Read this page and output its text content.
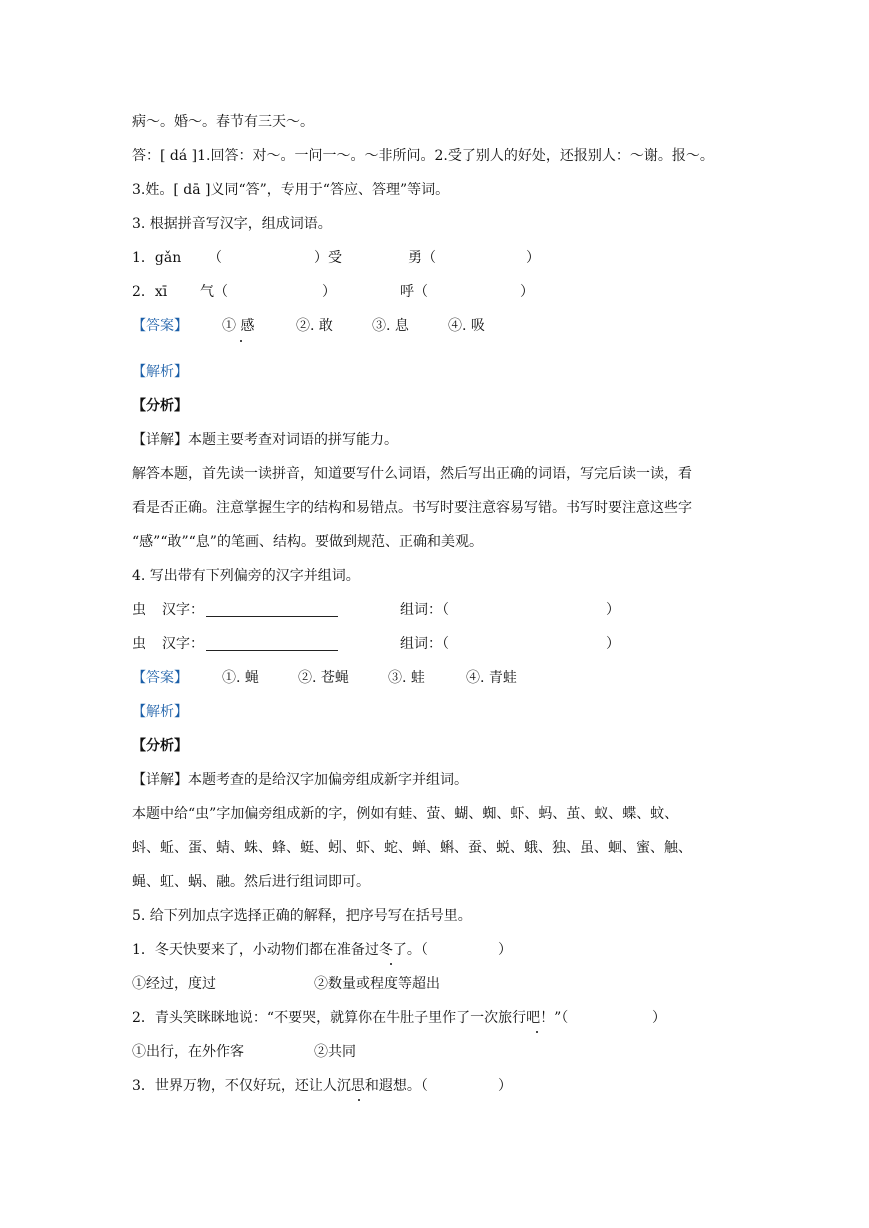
病～。婚～。春节有三天～。
答：[ dá ]1.回答：对～。一问一～。～非所问。2.受了别人的好处，还报别人：～谢。报～。
3.姓。[ dā ]义同“答”，专用于“答应、答理”等词。
3. 根据拼音写汉字，组成词语。
1．gǎn （	）受	勇（	）
2．xī 气（	）	呼（	）
【答案】 ① 感	②. 敢	③. 息	④. 吸
【解析】
【分析】
【详解】本题主要考查对词语的拼写能力。
解答本题，首先读一读拼音，知道要写什么词语，然后写出正确的词语，写完后读一读，看
看是否正确。注意掌握生字的结构和易错点。书写时要注意容易写错。书写时要注意这些字
“感”“敢”“息”的笔画、结构。要做到规范、正确和美观。
4. 写出带有下列偏旁的汉字并组词。
虫 汉字：	组词：（	）
虫 汉字：	组词：（	）
【答案】 ①. 蝇	②. 苍蝇	③. 蛙	④. 青蛙
【解析】
【分析】
【详解】本题考查的是给汉字加偏旁组成新字并组词。
本题中给“虫”字加偏旁组成新的字，例如有蛙、萤、蝴、蜘、虾、蚂、茧、蚁、蝶、蚊、
蚪、蚯、蛋、蜻、蛛、蜂、蜓、蚓、虾、蛇、蝉、蝌、蚕、蜕、蛾、独、虽、蛔、蜜、触、
蝇、虹、蜗、融。然后进行组词即可。
5. 给下列加点字选择正确的解释，把序号写在括号里。
1．冬天快要来了，小动物们都在准备过冬了。（	）
①经过，度过	②数量或程度等超出
2．青头笑眯眯地说：“不要哭，就算你在牛肚子里作了一次旅行吧！”（	）
①出行，在外作客	②共同
3．世界万物，不仅好玩，还让人沉思和遐想。（	）
